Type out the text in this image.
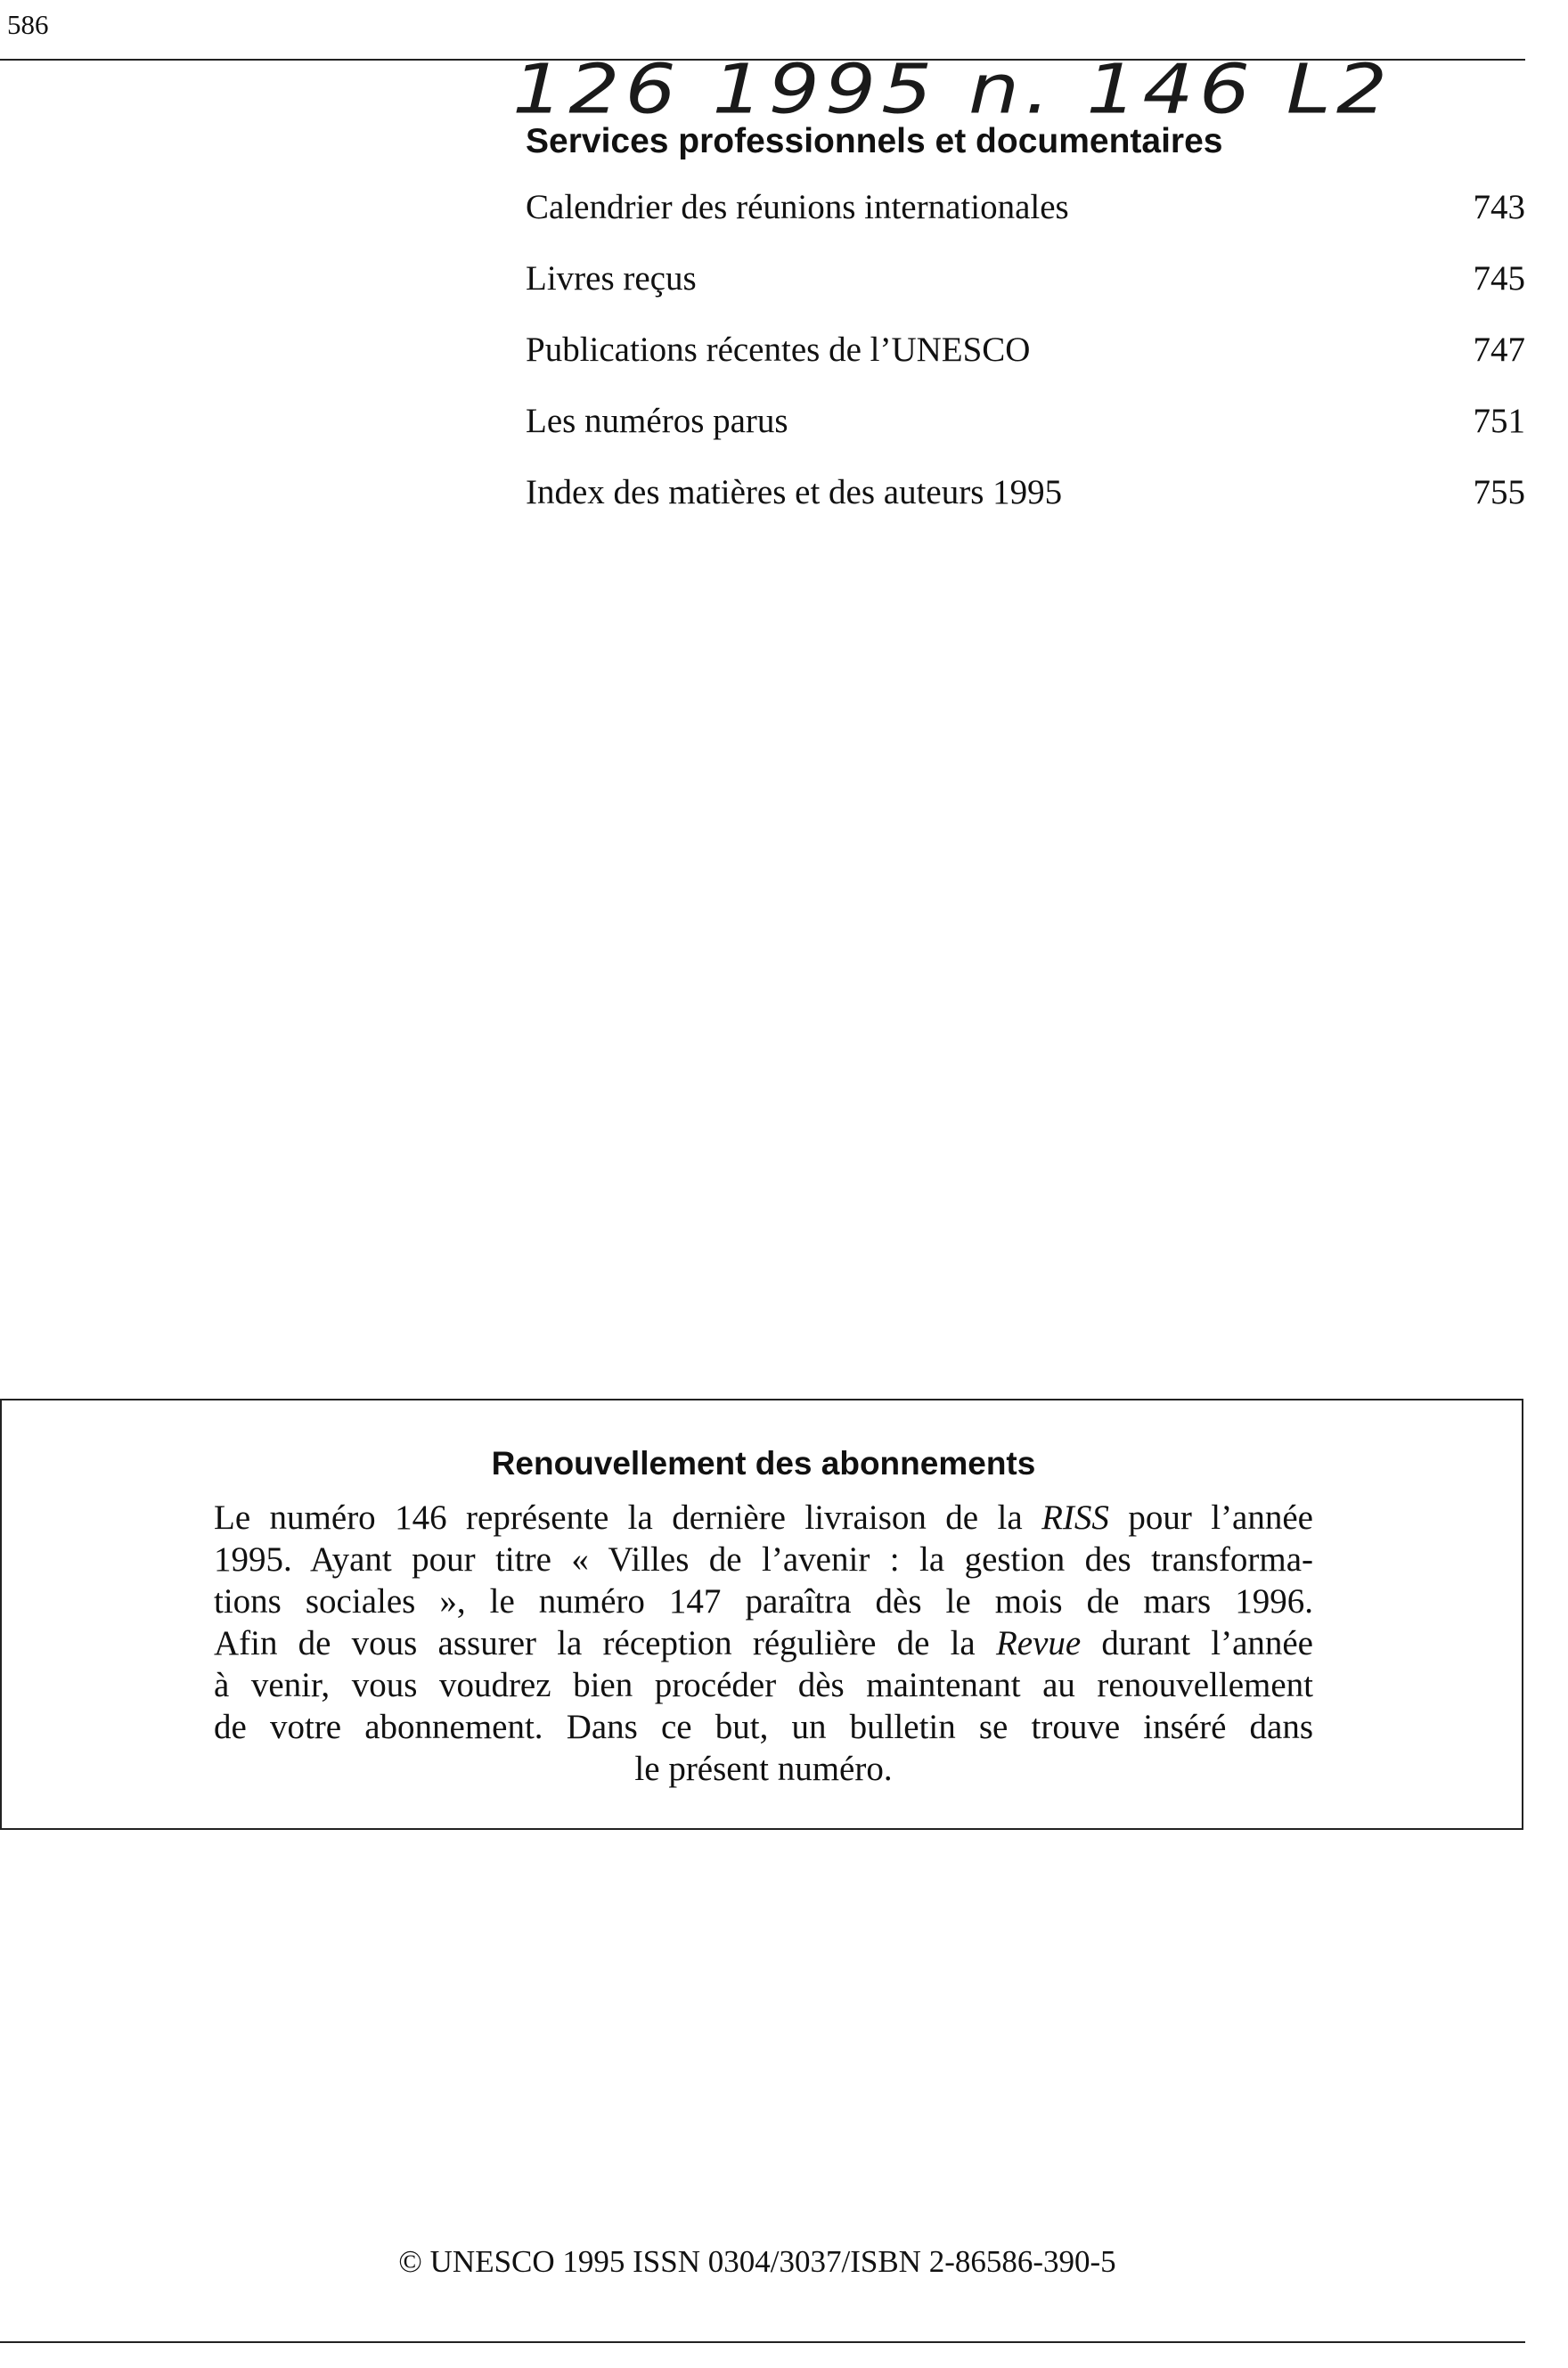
586
126 1995 n. 146 L2
Services professionnels et documentaires
Calendrier des réunions internationales	743
Livres reçus	745
Publications récentes de l’UNESCO	747
Les numéros parus	751
Index des matières et des auteurs 1995	755
Renouvellement des abonnements
Le numéro 146 représente la dernière livraison de la RISS pour l’année
1995. Ayant pour titre « Villes de l’avenir : la gestion des transforma-
tions sociales », le numéro 147 paraîtra dès le mois de mars 1996.
Afin de vous assurer la réception régulière de la Revue durant l’année
à venir, vous voudrez bien procéder dès maintenant au renouvellement
de votre abonnement. Dans ce but, un bulletin se trouve inséré dans
le présent numéro.
© UNESCO 1995 ISSN 0304/3037/ISBN 2-86586-390-5
